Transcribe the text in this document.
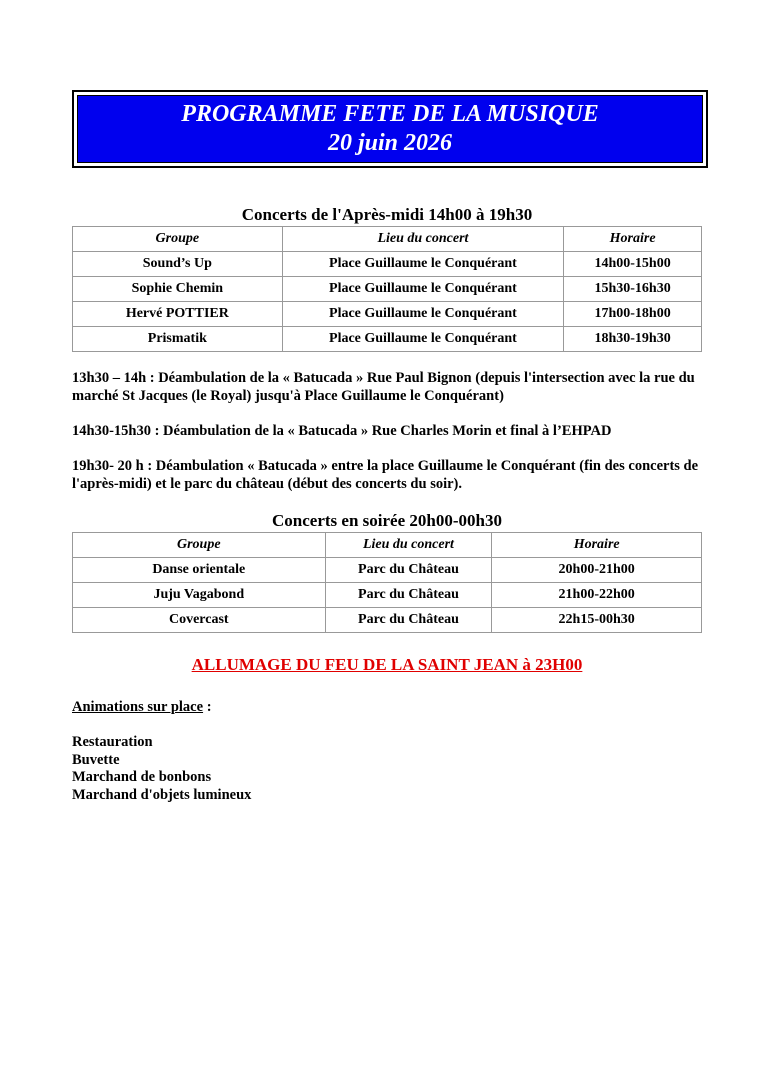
PROGRAMME FETE DE LA MUSIQUE
20 juin 2026
Concerts de l'Après-midi 14h00 à 19h30
Groupe	Lieu du concert	Horaire
Sound’s Up	Place Guillaume le Conquérant	14h00-15h00
Sophie Chemin	Place Guillaume le Conquérant	15h30-16h30
Hervé POTTIER	Place Guillaume le Conquérant	17h00-18h00
Prismatik	Place Guillaume le Conquérant	18h30-19h30
13h30 – 14h : Déambulation de la « Batucada » Rue Paul Bignon (depuis l'intersection avec la rue du marché St Jacques (le Royal) jusqu'à Place Guillaume le Conquérant)
14h30-15h30 : Déambulation de la « Batucada » Rue Charles Morin et final à l’EHPAD
19h30- 20 h : Déambulation « Batucada » entre la place Guillaume le Conquérant (fin des concerts de l'après-midi) et le parc du château (début des concerts du soir).
Concerts en soirée 20h00-00h30
Groupe	Lieu du concert	Horaire
Danse orientale	Parc du Château	20h00-21h00
Juju Vagabond	Parc du Château	21h00-22h00
Covercast	Parc du Château	22h15-00h30
ALLUMAGE DU FEU DE LA SAINT JEAN à 23H00
Animations sur place :
Restauration
Buvette
Marchand de bonbons
Marchand d'objets lumineux
